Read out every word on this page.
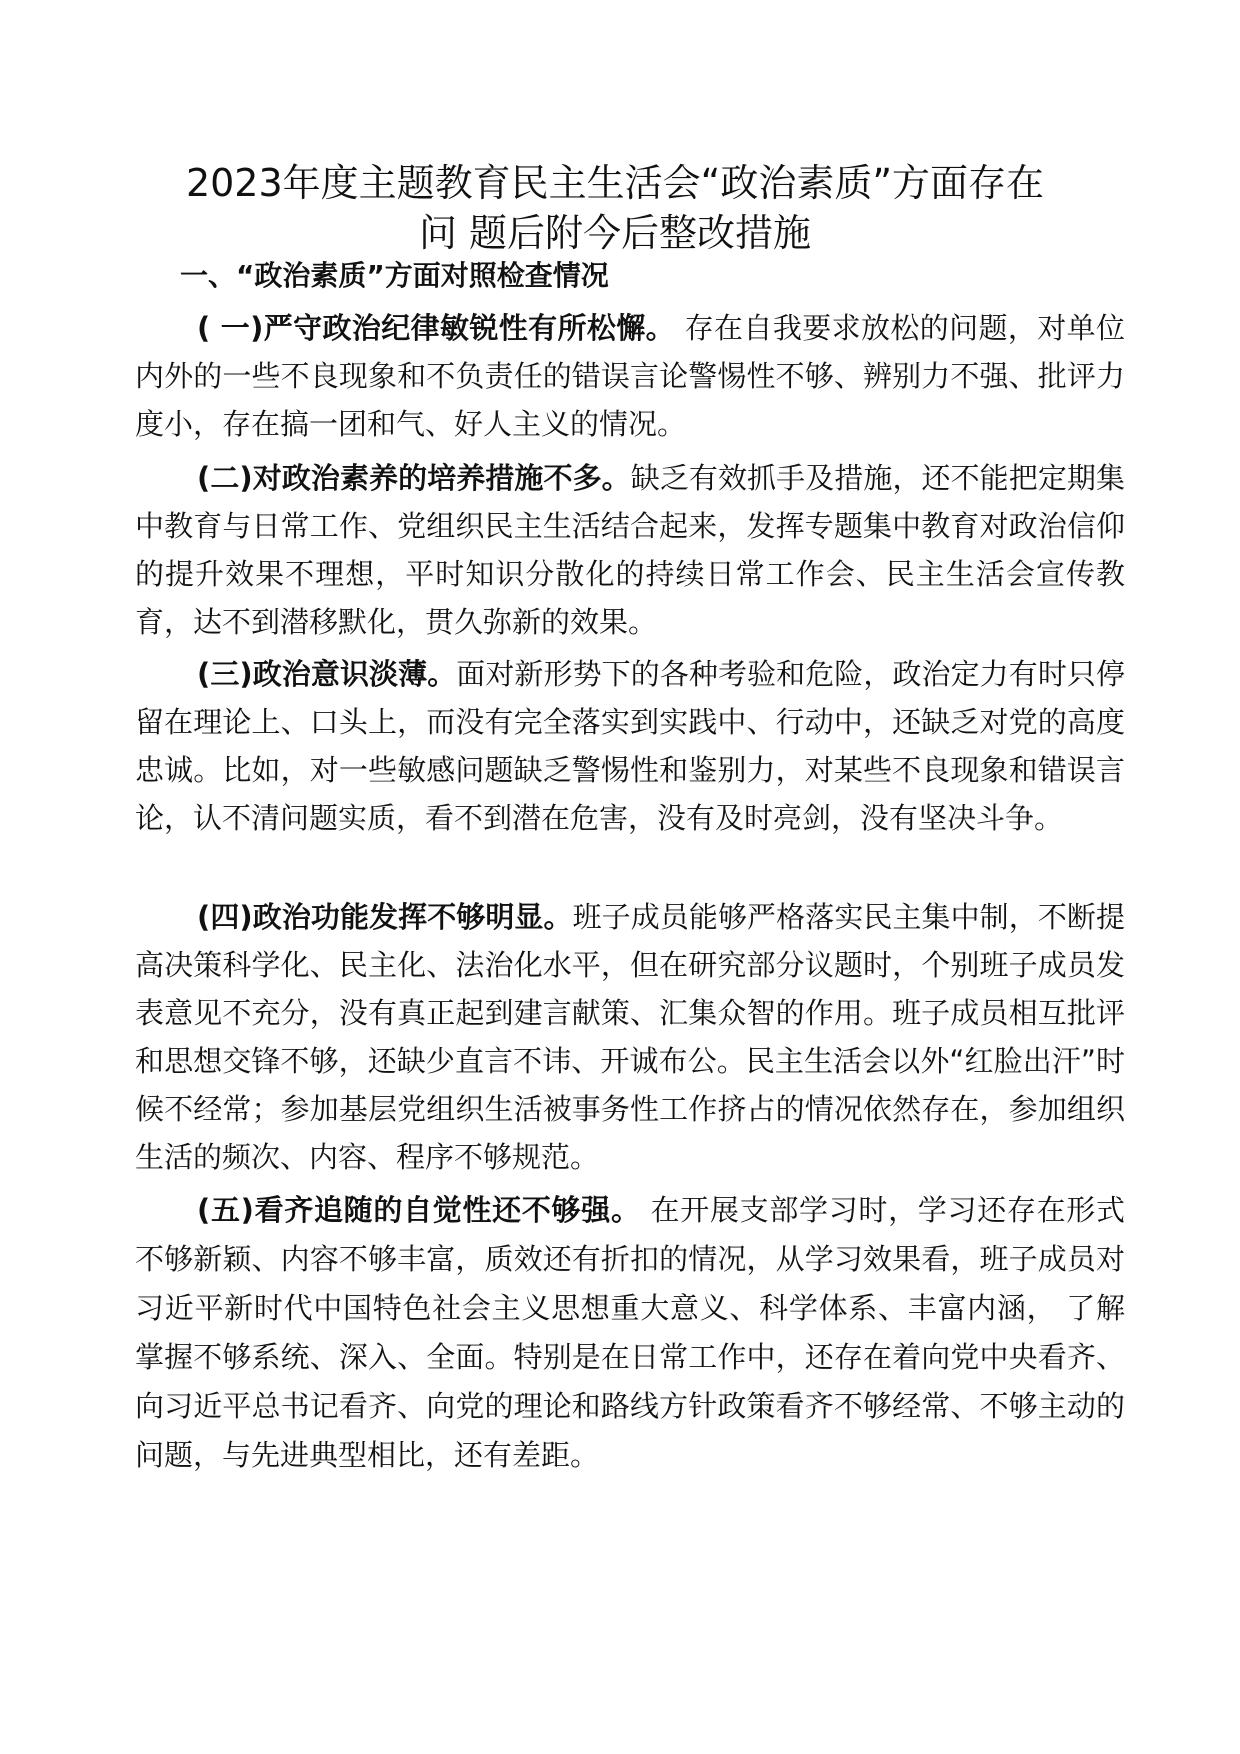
2023年度主题教育民主生活会“政治素质”方面存在
问 题后附今后整改措施
一、“政治素质”方面对照检查情况

( 一)严守政治纪律敏锐性有所松懈。 存在自我要求放松的问题，对单位内外的一些不良现象和不负责任的错误言论警惕性不够、辨别力不强、批评力度小，存在搞一团和气、好人主义的情况。

(二)对政治素养的培养措施不多。缺乏有效抓手及措施，还不能把定期集中教育与日常工作、党组织民主生活结合起来，发挥专题集中教育对政治信仰的提升效果不理想，平时知识分散化的持续日常工作会、民主生活会宣传教育，达不到潜移默化，贯久弥新的效果。

(三)政治意识淡薄。面对新形势下的各种考验和危险，政治定力有时只停留在理论上、口头上，而没有完全落实到实践中、行动中，还缺乏对党的高度忠诚。比如，对一些敏感问题缺乏警惕性和鉴别力，对某些不良现象和错误言论，认不清问题实质，看不到潜在危害，没有及时亮剑，没有坚决斗争。

(四)政治功能发挥不够明显。班子成员能够严格落实民主集中制，不断提高决策科学化、民主化、法治化水平，但在研究部分议题时，个别班子成员发表意见不充分，没有真正起到建言献策、汇集众智的作用。班子成员相互批评和思想交锋不够，还缺少直言不讳、开诚布公。民主生活会以外“红脸出汗”时候不经常；参加基层党组织生活被事务性工作挤占的情况依然存在，参加组织生活的频次、内容、程序不够规范。

(五)看齐追随的自觉性还不够强。 在开展支部学习时，学习还存在形式不够新颖、内容不够丰富，质效还有折扣的情况，从学习效果看，班子成员对习近平新时代中国特色社会主义思想重大意义、科学体系、丰富内涵， 了解掌握不够系统、深入、全面。特别是在日常工作中，还存在着向党中央看齐、向习近平总书记看齐、向党的理论和路线方针政策看齐不够经常、不够主动的问题，与先进典型相比，还有差距。
